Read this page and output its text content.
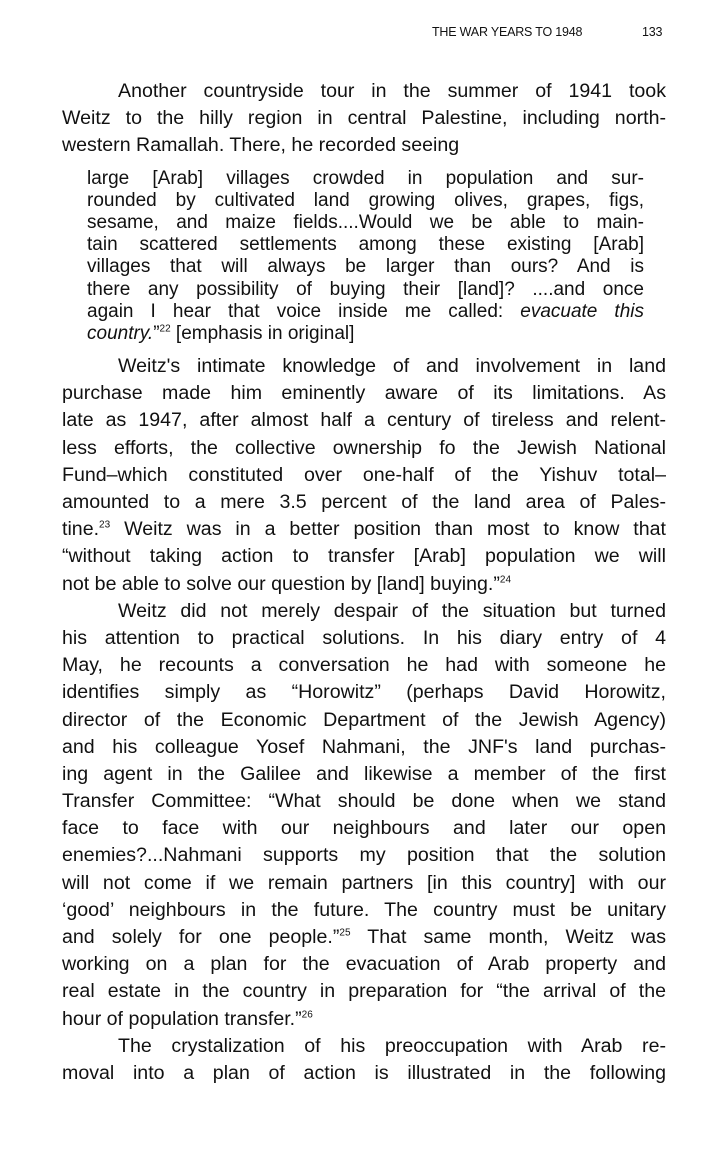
THE WAR YEARS TO 1948	133
Another countryside tour in the summer of 1941 took
Weitz to the hilly region in central Palestine, including north-
western Ramallah. There, he recorded seeing
large [Arab] villages crowded in population and sur-
rounded by cultivated land growing olives, grapes, figs,
sesame, and maize fields....Would we be able to main-
tain scattered settlements among these existing [Arab]
villages that will always be larger than ours? And is
there any possibility of buying their [land]? ....and once
again I hear that voice inside me called: evacuate this
country.”$^{22}$ [emphasis in original]
Weitz's intimate knowledge of and involvement in land
purchase made him eminently aware of its limitations. As
late as 1947, after almost half a century of tireless and relent-
less efforts, the collective ownership fo the Jewish National
Fund–which constituted over one-half of the Yishuv total–
amounted to a mere 3.5 percent of the land area of Pales-
tine.$^{23}$ Weitz was in a better position than most to know that
“without taking action to transfer [Arab] population we will
not be able to solve our question by [land] buying.”$^{24}$
Weitz did not merely despair of the situation but turned
his attention to practical solutions. In his diary entry of 4
May, he recounts a conversation he had with someone he
identifies simply as “Horowitz” (perhaps David Horowitz,
director of the Economic Department of the Jewish Agency)
and his colleague Yosef Nahmani, the JNF's land purchas-
ing agent in the Galilee and likewise a member of the first
Transfer Committee: “What should be done when we stand
face to face with our neighbours and later our open
enemies?...Nahmani supports my position that the solution
will not come if we remain partners [in this country] with our
‘good’ neighbours in the future. The country must be unitary
and solely for one people.”$^{25}$ That same month, Weitz was
working on a plan for the evacuation of Arab property and
real estate in the country in preparation for “the arrival of the
hour of population transfer.”$^{26}$
The crystalization of his preoccupation with Arab re-
moval into a plan of action is illustrated in the following
